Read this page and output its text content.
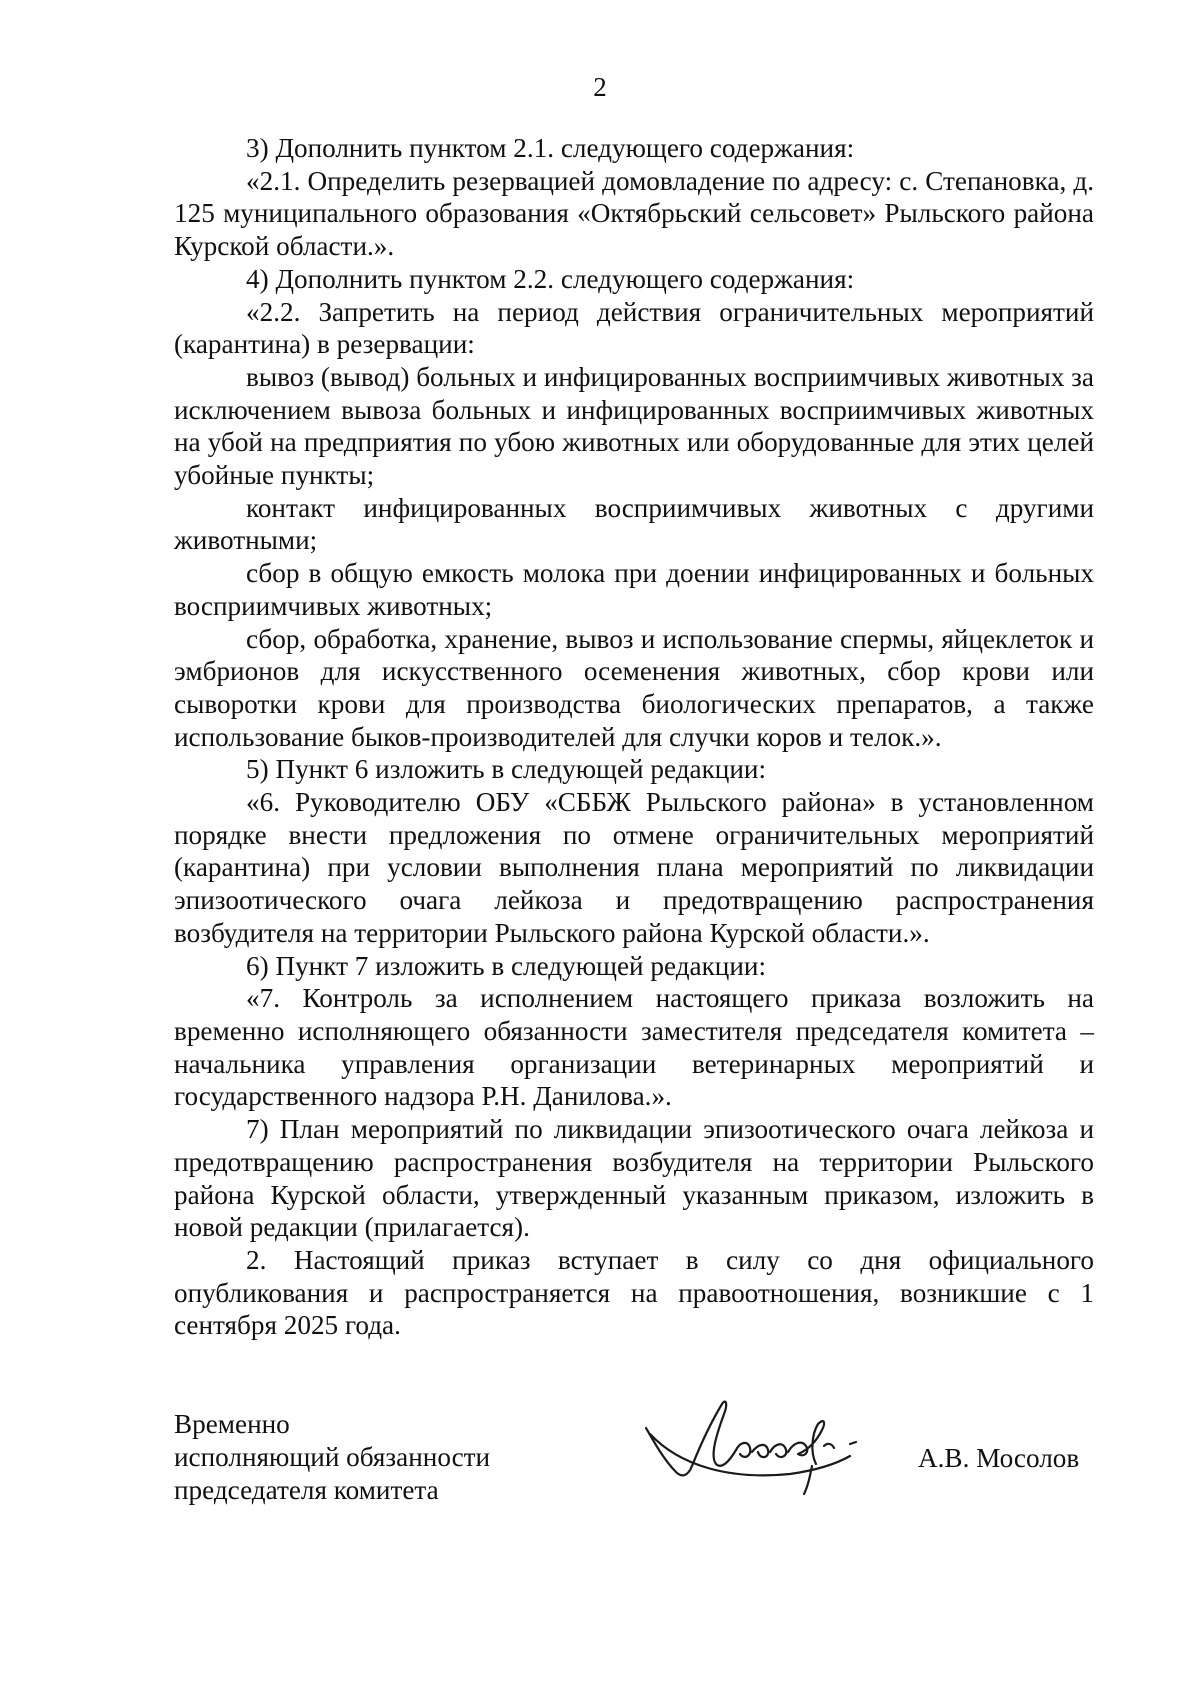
2

3) Дополнить пунктом 2.1. следующего содержания:

«2.1. Определить резервацией домовладение по адресу: с. Степановка, д. 125 муниципального образования «Октябрьский сельсовет» Рыльского района Курской области.».

4) Дополнить пунктом 2.2. следующего содержания:

«2.2. Запретить на период действия ограничительных мероприятий (карантина) в резервации:

вывоз (вывод) больных и инфицированных восприимчивых животных за исключением вывоза больных и инфицированных восприимчивых животных на убой на предприятия по убою животных или оборудованные для этих целей убойные пункты;

контакт инфицированных восприимчивых животных с другими животными;

сбор в общую емкость молока при доении инфицированных и больных восприимчивых животных;

сбор, обработка, хранение, вывоз и использование спермы, яйцеклеток и эмбрионов для искусственного осеменения животных, сбор крови или сыворотки крови для производства биологических препаратов, а также использование быков-производителей для случки коров и телок.».

5) Пункт 6 изложить в следующей редакции:

«6. Руководителю ОБУ «СББЖ Рыльского района» в установленном порядке внести предложения по отмене ограничительных мероприятий (карантина) при условии выполнения плана мероприятий по ликвидации эпизоотического очага лейкоза и предотвращению распространения возбудителя на территории Рыльского района Курской области.».

6) Пункт 7 изложить в следующей редакции:

«7. Контроль за исполнением настоящего приказа возложить на временно исполняющего обязанности заместителя председателя комитета – начальника управления организации ветеринарных мероприятий и государственного надзора Р.Н. Данилова.».

7) План мероприятий по ликвидации эпизоотического очага лейкоза и предотвращению распространения возбудителя на территории Рыльского района Курской области, утвержденный указанным приказом, изложить в новой редакции (прилагается).

2. Настоящий приказ вступает в силу со дня официального опубликования и распространяется на правоотношения, возникшие с 1 сентября 2025 года.

Временно
исполняющий обязанности
председателя комитета
А.В. Мосолов
